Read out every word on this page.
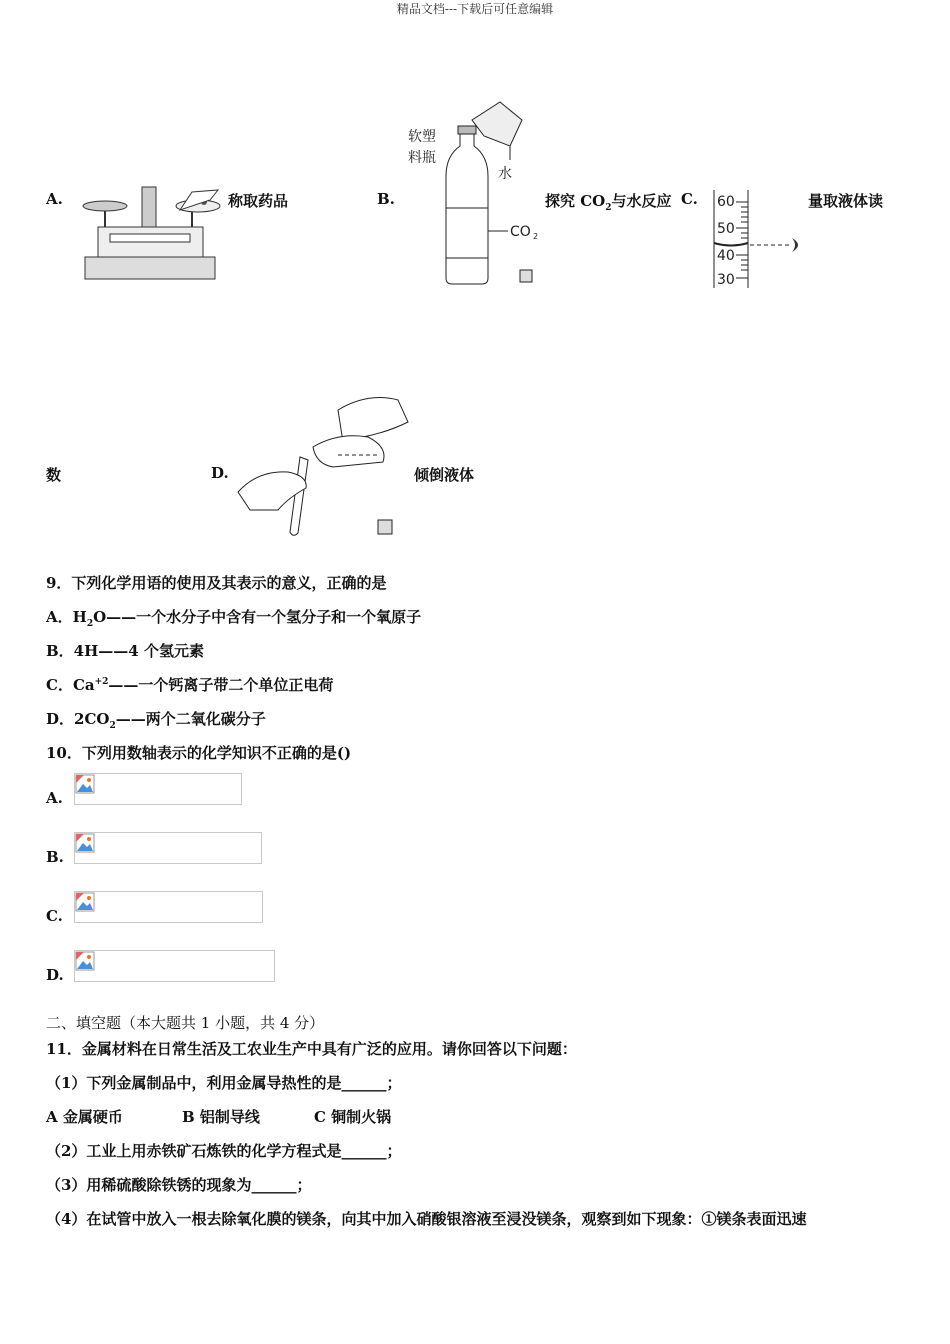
精品文档---下载后可任意编辑
A.	称取药品	B.
软塑
料瓶
CO 2
水
探究 $CO_2$与水反应 C. 60
50
40
30
量取液体读
数	D.	倾倒液体
9．下列化学用语的使用及其表示的意义，正确的是
A．$H_2O——$一个水分子中含有一个氢分子和一个氧原子
B．4H——4 个氢元素
C．$Ca^{+2}——$一个钙离子带二个单位正电荷
D．$2CO_2——$两个二氧化碳分子
10．下列用数轴表示的化学知识不正确的是()
A.
B.
C.
D.
二、填空题（本大题共 1 小题，共 4 分）
11．金属材料在日常生活及工农业生产中具有广泛的应用。请你回答以下问题：
（1）下列金属制品中，利用金属导热性的是______；
A 金属硬币	B 铝制导线	C 铜制火锅
（2）工业上用赤铁矿石炼铁的化学方程式是______；
（3）用稀硫酸除铁锈的现象为______；
（4）在试管中放入一根去除氧化膜的镁条，向其中加入硝酸银溶液至浸没镁条，观察到如下现象：①镁条表面迅速
